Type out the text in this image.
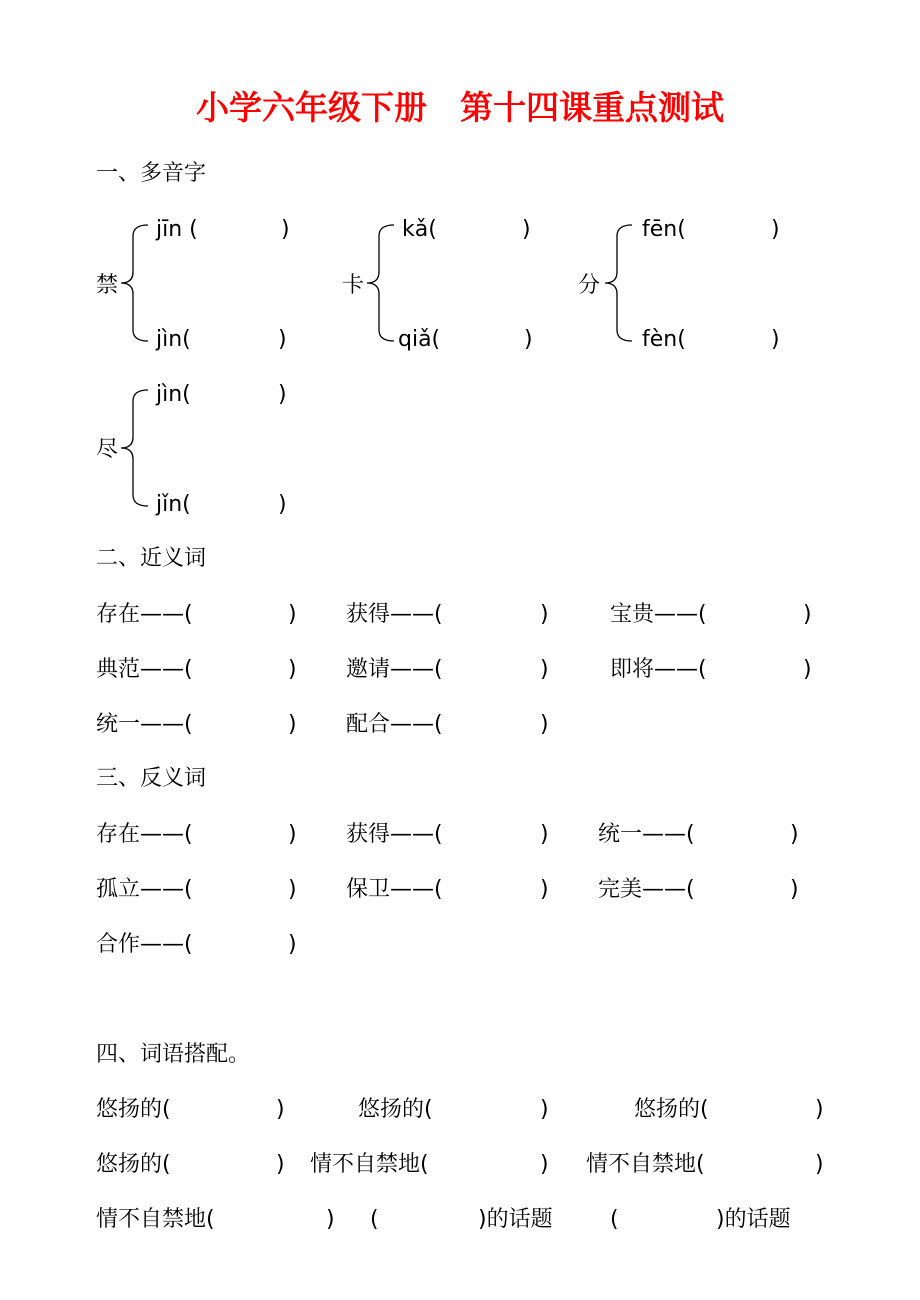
小学六年级下册　第十四课重点测试
一、多音字
禁
jīn (	)
jìn(	)
卡
kǎ(	)
qiǎ(	)
分
fēn(	)
fèn(	)
尽
jìn(	)
jǐn(	)
二、近义词
存在——(	) 获得——(	)	宝贵——(	)
典范——(	) 邀请——(	)	即将——(	)
统一——(	) 配合——(	)
三、反义词
存在——(	) 获得——(	) 统一——(	)
孤立——(	) 保卫——(	) 完美——(	)
合作——(	)
四、词语搭配。
悠扬的(	)	悠扬的(	)	悠扬的(	)
悠扬的(	) 情不自禁地(	) 情不自禁地(	)
情不自禁地(	) (	)的话题	(	)的话题
